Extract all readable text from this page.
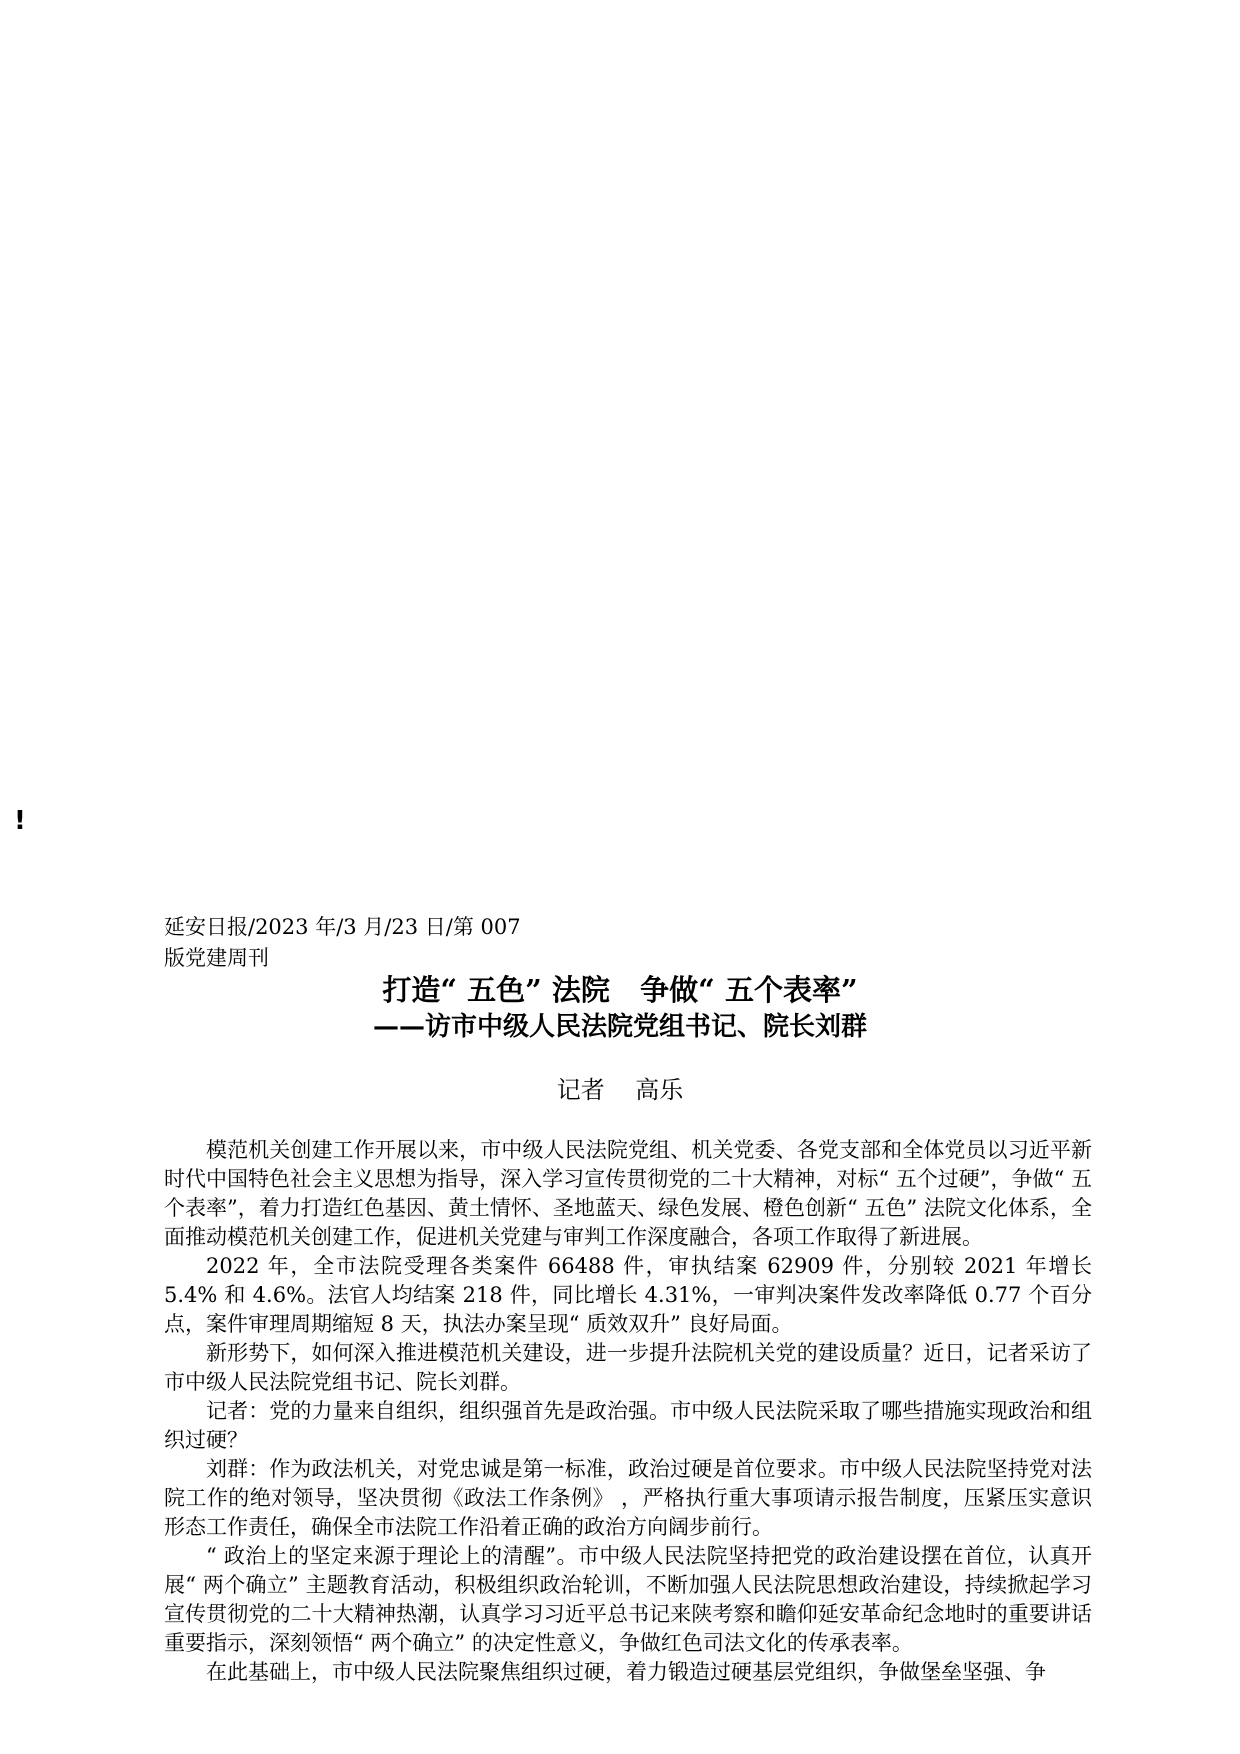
!
延安日报/2023 年/3 月/23 日/第 007 版党建周刊
打造“ 五色” 法院   争做“ 五个表率”
——访市中级人民法院党组书记、院长刘群
记者    高乐

模范机关创建工作开展以来，市中级人民法院党组、机关党委、各党支部和全体党员以习近平新时代中国特色社会主义思想为指导，深入学习宣传贯彻党的二十大精神，对标“ 五个过硬”，争做“ 五个表率”，着力打造红色基因、黄土情怀、圣地蓝天、绿色发展、橙色创新“ 五色” 法院文化体系，全面推动模范机关创建工作，促进机关党建与审判工作深度融合，各项工作取得了新进展。

2022 年，全市法院受理各类案件 66488 件，审执结案 62909 件，分别较 2021 年增长 5.4% 和 4.6%。法官人均结案 218 件，同比增长 4.31%，一审判决案件发改率降低 0.77 个百分点，案件审理周期缩短 8 天，执法办案呈现“ 质效双升” 良好局面。

新形势下，如何深入推进模范机关建设，进一步提升法院机关党的建设质量？近日，记者采访了市中级人民法院党组书记、院长刘群。

记者：党的力量来自组织，组织强首先是政治强。市中级人民法院采取了哪些措施实现政治和组织过硬？

刘群：作为政法机关，对党忠诚是第一标准，政治过硬是首位要求。市中级人民法院坚持党对法院工作的绝对领导，坚决贯彻《政法工作条例》 ，严格执行重大事项请示报告制度，压紧压实意识形态工作责任，确保全市法院工作沿着正确的政治方向阔步前行。

“ 政治上的坚定来源于理论上的清醒”。市中级人民法院坚持把党的政治建设摆在首位，认真开展“ 两个确立” 主题教育活动，积极组织政治轮训，不断加强人民法院思想政治建设，持续掀起学习宣传贯彻党的二十大精神热潮，认真学习习近平总书记来陕考察和瞻仰延安革命纪念地时的重要讲话重要指示，深刻领悟“ 两个确立” 的决定性意义，争做红色司法文化的传承表率。

在此基础上，市中级人民法院聚焦组织过硬，着力锻造过硬基层党组织，争做堡垒坚强、争
